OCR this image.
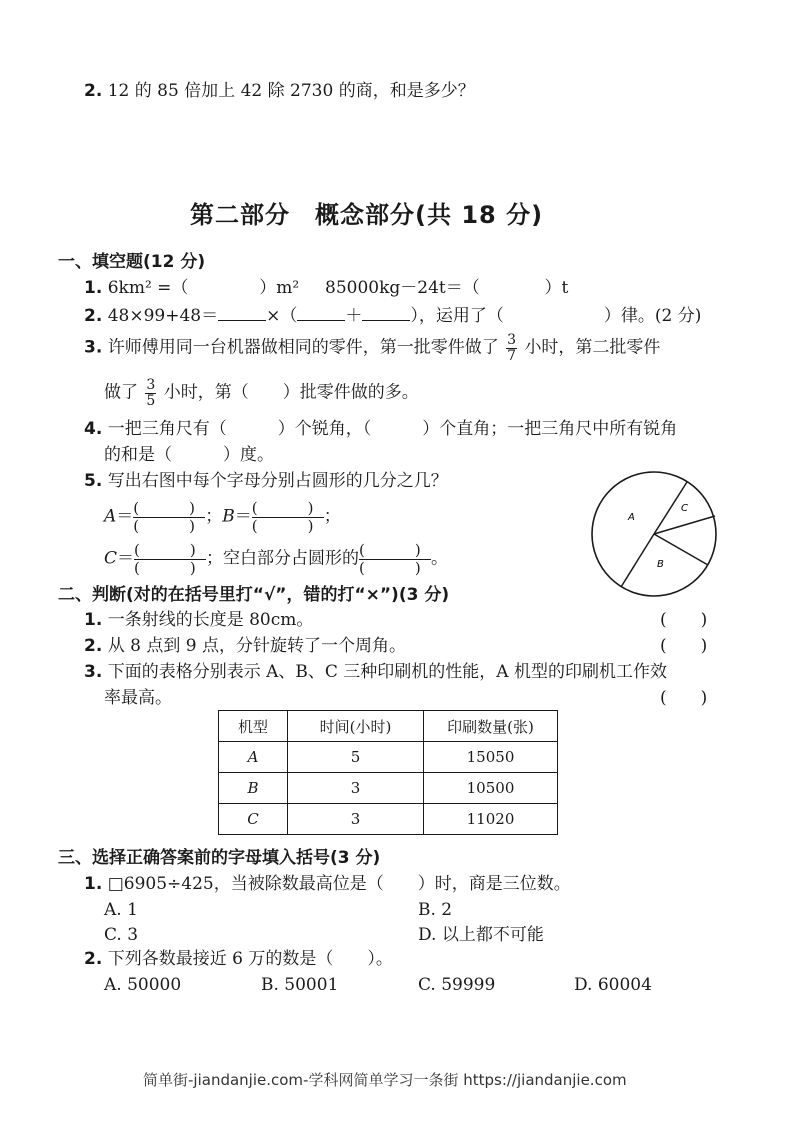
2. 12 的 85 倍加上 42 除 2730 的商，和是多少？
第二部分　概念部分(共 18 分)
一、填空题(12 分)
1. 6km² =（	）m² 85000kg－24t＝（	）t
2. 48×99+48＝	×（	＋	），运用了（	）律。(2 分)
3. 许师傅用同一台机器做相同的零件，第一批零件做了 $\frac{3}{7}$ 小时，第二批零件
做了 $\frac{3}{5}$ 小时，第（　　）批零件做的多。
4. 一把三角尺有（　　　）个锐角，（　　　）个直角；一把三角尺中所有锐角
的和是（　　　）度。
5. 写出右图中每个字母分别占圆形的几分之几？
A＝ (	)
(	) ；B＝ (	)
(	) ；
C＝ (	)
(	) ；空白部分占圆形的 (	)
(	) 。
A
C
B
二、判断(对的在括号里打“√”，错的打“×”)(3 分)
1. 一条射线的长度是 80cm。	(　　)
2. 从 8 点到 9 点，分针旋转了一个周角。	(　　)
3. 下面的表格分别表示 A、B、C 三种印刷机的性能，A 机型的印刷机工作效
率最高。	(　　)
机型	时间(小时)	印刷数量(张)
A	5	15050
B	3	10500
C	3	11020
三、选择正确答案前的字母填入括号(3 分)
1. □6905÷425，当被除数最高位是（　　）时，商是三位数。
A. 1	B. 2
C. 3	D. 以上都不可能
2. 下列各数最接近 6 万的数是（　　）。
A. 50000	B. 50001	C. 59999	D. 60004
简单街-jiandanjie.com-学科网简单学习一条街 https://jiandanjie.com
